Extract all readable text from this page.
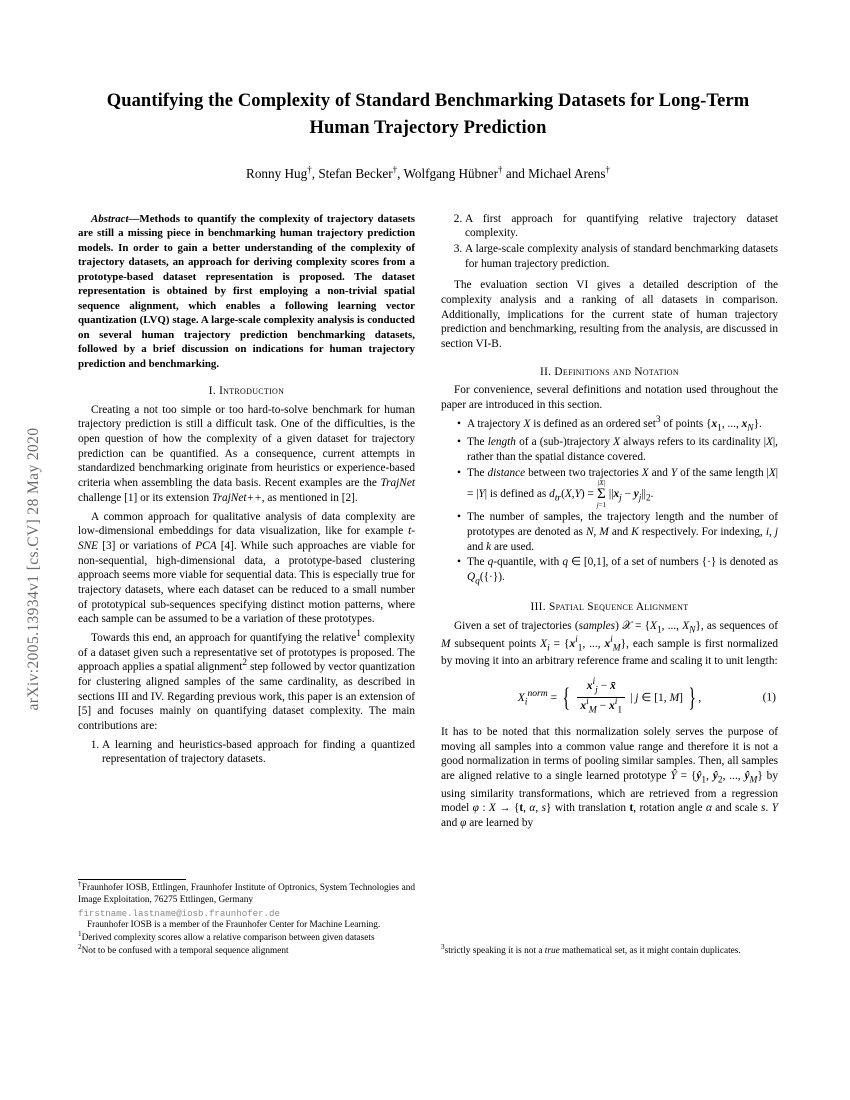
arXiv:2005.13934v1 [cs.CV] 28 May 2020
Quantifying the Complexity of Standard Benchmarking Datasets for Long-Term Human Trajectory Prediction
Ronny Hug†, Stefan Becker†, Wolfgang Hübner† and Michael Arens†
Abstract—Methods to quantify the complexity of trajectory datasets are still a missing piece in benchmarking human trajectory prediction models. In order to gain a better understanding of the complexity of trajectory datasets, an approach for deriving complexity scores from a prototype-based dataset representation is proposed. The dataset representation is obtained by first employing a non-trivial spatial sequence alignment, which enables a following learning vector quantization (LVQ) stage. A large-scale complexity analysis is conducted on several human trajectory prediction benchmarking datasets, followed by a brief discussion on indications for human trajectory prediction and benchmarking.
I. Introduction

Creating a not too simple or too hard-to-solve benchmark for human trajectory prediction is still a difficult task. One of the difficulties, is the open question of how the complexity of a given dataset for trajectory prediction can be quantified. As a consequence, current attempts in standardized benchmarking originate from heuristics or experience-based criteria when assembling the data basis. Recent examples are the TrajNet challenge [1] or its extension TrajNet++, as mentioned in [2].

A common approach for qualitative analysis of data complexity are low-dimensional embeddings for data visualization, like for example t-SNE [3] or variations of PCA [4]. While such approaches are viable for non-sequential, high-dimensional data, a prototype-based clustering approach seems more viable for sequential data. This is especially true for trajectory datasets, where each dataset can be reduced to a small number of prototypical sub-sequences specifying distinct motion patterns, where each sample can be assumed to be a variation of these prototypes.

Towards this end, an approach for quantifying the relative$^1$ complexity of a dataset given such a representative set of prototypes is proposed. The approach applies a spatial alignment$^2$ step followed by vector quantization for clustering aligned samples of the same cardinality, as described in sections III and IV. Regarding previous work, this paper is an extension of [5] and focuses mainly on quantifying dataset complexity. The main contributions are:

1. A learning and heuristics-based approach for finding a quantized representation of trajectory datasets.
†Fraunhofer IOSB, Ettlingen, Fraunhofer Institute of Optronics, System Technologies and Image Exploitation, 76275 Ettlingen, Germany
firstname.lastname@iosb.fraunhofer.de
Fraunhofer IOSB is a member of the Fraunhofer Center for Machine Learning.
$^1$Derived complexity scores allow a relative comparison between given datasets
$^2$Not to be confused with a temporal sequence alignment
2. A first approach for quantifying relative trajectory dataset complexity.
3. A large-scale complexity analysis of standard benchmarking datasets for human trajectory prediction.

The evaluation section VI gives a detailed description of the complexity analysis and a ranking of all datasets in comparison. Additionally, implications for the current state of human trajectory prediction and benchmarking, resulting from the analysis, are discussed in section VI-B.

II. Definitions and Notation

For convenience, several definitions and notation used throughout the paper are introduced in this section.

• A trajectory X is defined as an ordered set$^3$ of points {$x_1$, ..., $x_N$}.
• The length of a (sub-)trajectory X always refers to its cardinality |X|, rather than the spatial distance covered.
• The distance between two trajectories X and Y of the same length |X| = |Y| is defined as $d_{tr}(X,Y)$ =
|X|
Σ
j=1
$||x_j - y_j||_2$.
• The number of samples, the trajectory length and the number of prototypes are denoted as N, M and K respectively. For indexing, i, j and k are used.
• The q-quantile, with q ∈ [0,1], of a set of numbers {·} is denoted as $Q_q(\{\cdot\})$.
III. Spatial Sequence Alignment

Given a set of trajectories (samples) 𝒳 = {$X_1$, ..., $X_N$}, as sequences of M subsequent points $X_i = \{x^i_1$, ..., $x^i_M$}, each sample is first normalized by moving it into an arbitrary reference frame and scaling it to unit length:

$X_i^{norm}$ = { $\frac{x^i_j - x̄}{x^i_M - x^i_1}$ | j ∈ [1, M] } ,	(1)

It has to be noted that this normalization solely serves the purpose of moving all samples into a common value range and therefore it is not a good normalization in terms of pooling similar samples. Then, all samples are aligned relative to a single learned prototype Ŷ = {$ŷ_1$, $ŷ_2$, ..., $ŷ_M$} by using similarity transformations, which are retrieved from a regression model φ : X → {t, α, s} with translation t, rotation angle α and scale s. Y and φ are learned by

$^3$strictly speaking it is not a true mathematical set, as it might contain duplicates.
